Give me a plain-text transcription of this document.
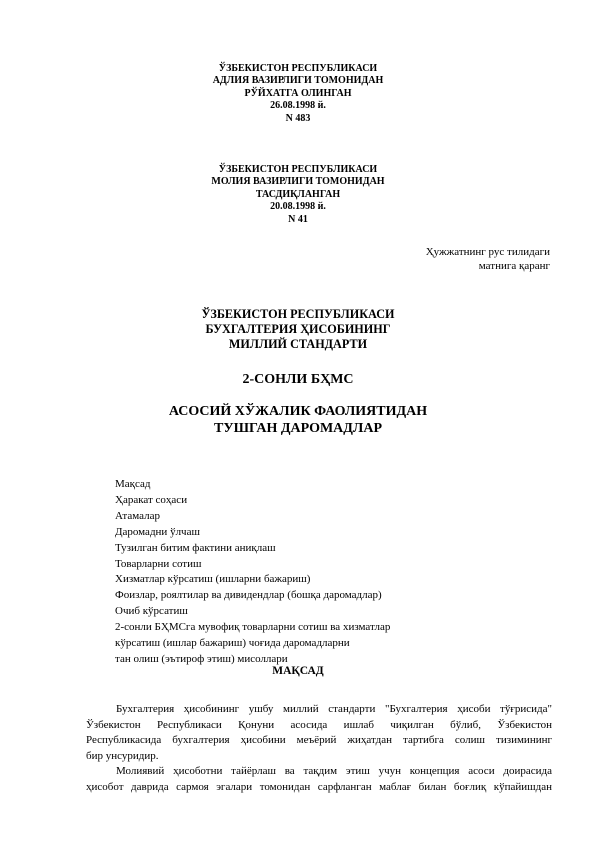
ЎЗБЕКИСТОН РЕСПУБЛИКАСИ
АДЛИЯ ВАЗИРЛИГИ ТОМОНИДАН
РЎЙХАТГА ОЛИНГАН
26.08.1998 й.
N 483
ЎЗБЕКИСТОН РЕСПУБЛИКАСИ
МОЛИЯ ВАЗИРЛИГИ ТОМОНИДАН
ТАСДИҚЛАНГАН
20.08.1998 й.
N 41
Ҳужжатнинг рус тилидаги
матнига қаранг
ЎЗБЕКИСТОН РЕСПУБЛИКАСИ
БУХГАЛТЕРИЯ ҲИСОБИНИНГ
МИЛЛИЙ СТАНДАРТИ
2-СОНЛИ БҲМС
АСОСИЙ ХЎЖАЛИК ФАОЛИЯТИДАН
ТУШГАН ДАРОМАДЛАР
Мақсад
Ҳаракат соҳаси
Атамалар
Даромадни ўлчаш
Тузилган битим фактини аниқлаш
Товарларни сотиш
Хизматлар кўрсатиш (ишларни бажариш)
Фоизлар, роялтилар ва дивидендлар (бошқа даромадлар)
Очиб кўрсатиш
2-сонли БҲМСга мувофиқ товарларни сотиш ва хизматлар
кўрсатиш (ишлар бажариш) чоғида даромадларни
тан олиш (эътироф этиш) мисоллари
МАҚСАД
Бухгалтерия ҳисобининг ушбу миллий стандарти "Бухгалтерия ҳисоби тўғрисида"
Ўзбекистон Республикаси Қонуни асосида ишлаб чиқилган бўлиб, Ўзбекистон
Республикасида бухгалтерия ҳисобини меъёрий жиҳатдан тартибга солиш тизимининг
бир унсуридир.
Молиявий ҳисоботни тайёрлаш ва тақдим этиш учун концепция асоси доирасида
ҳисобот даврида сармоя эгалари томонидан сарфланган маблағ билан боғлиқ кўпайишдан
